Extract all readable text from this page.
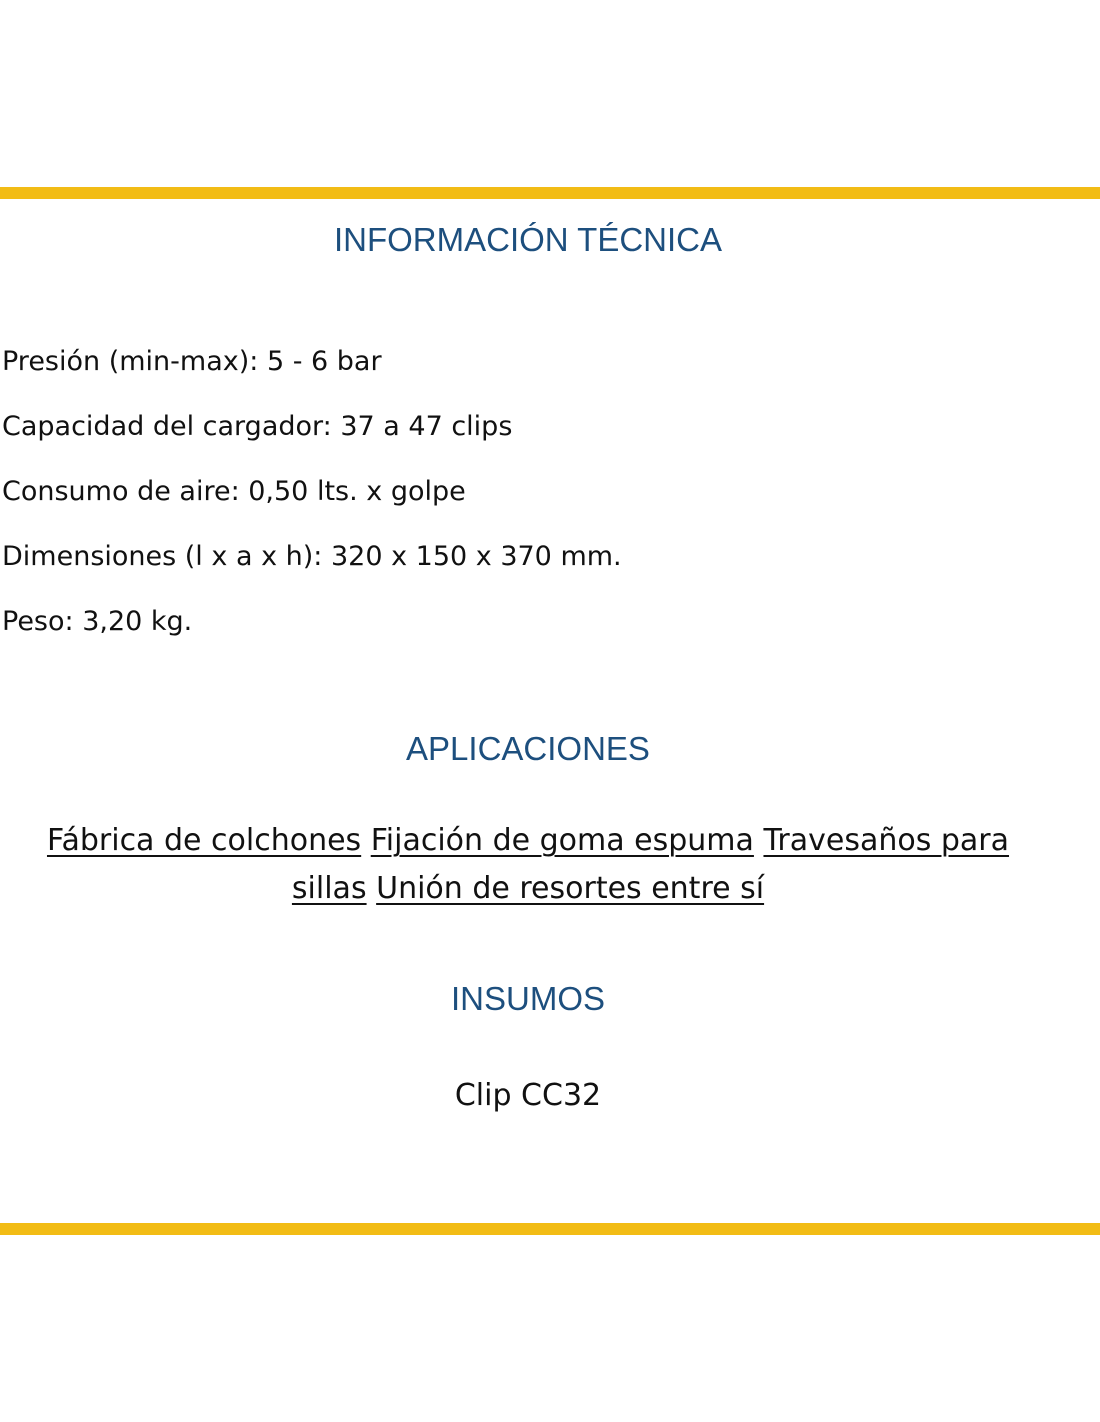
INFORMACIÓN TÉCNICA
Presión (min-max): 5 - 6 bar
Capacidad del cargador: 37 a 47 clips
Consumo de aire: 0,50 lts. x golpe
Dimensiones (l x a x h): 320 x 150 x 370 mm.
Peso: 3,20 kg.
APLICACIONES
Fábrica de colchones Fijación de goma espuma Travesaños para sillas Unión de resortes entre sí
INSUMOS
Clip CC32
